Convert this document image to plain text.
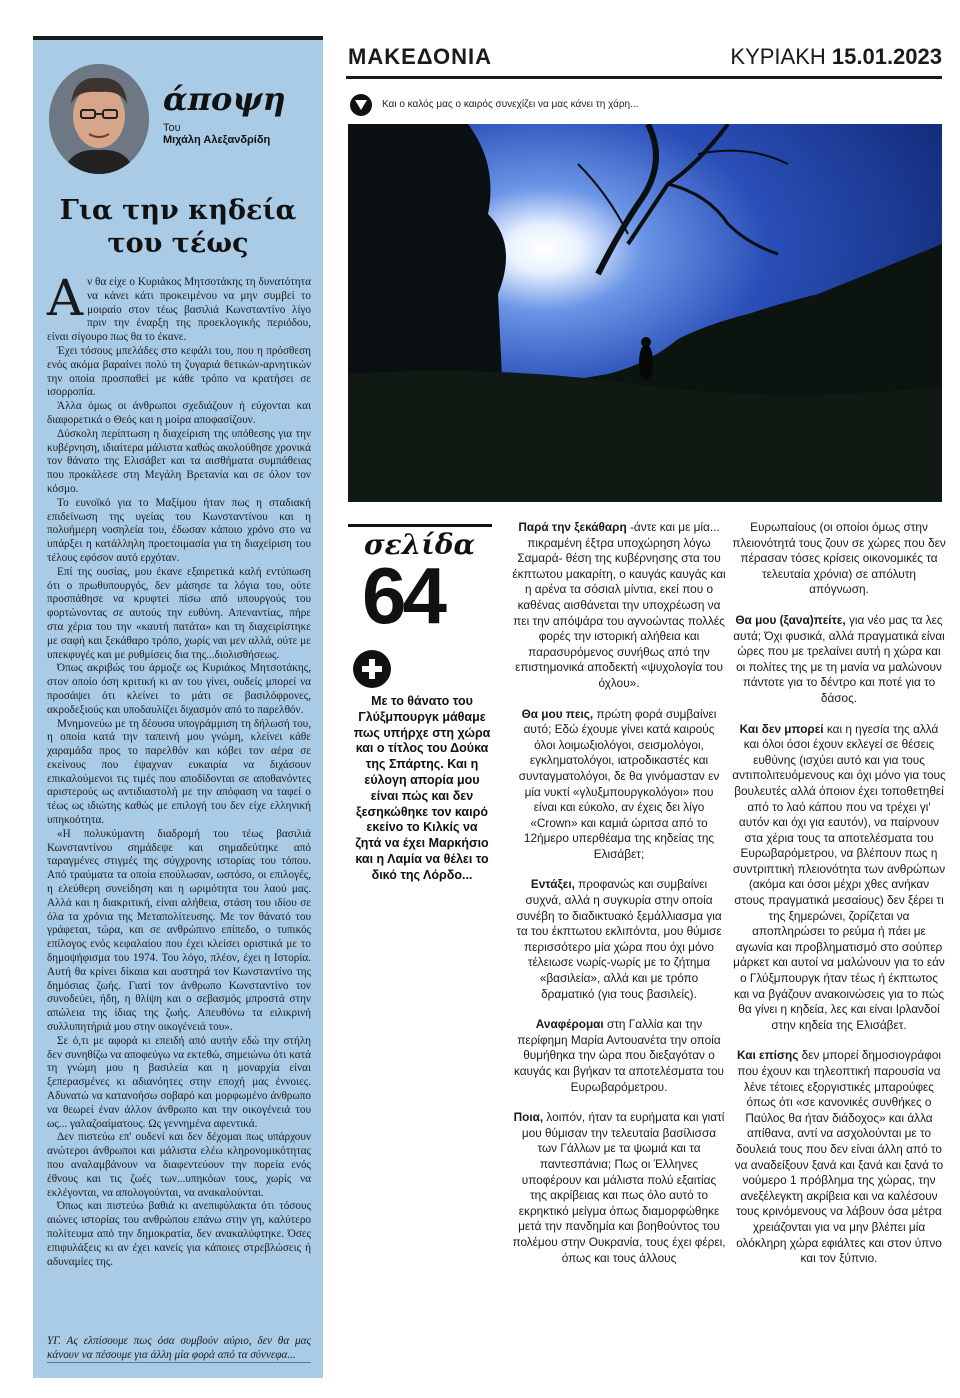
άποψη
Του
Μιχάλη Αλεξανδρίδη
Για την κηδεία
του τέως

Αν θα είχε ο Κυριάκος Μητσοτάκης τη δυνατότητα να κάνει κάτι προκειμένου να μην συμβεί το μοιραίο στον τέως βασιλιά Κωνσταντίνο λίγο πριν την έναρξη της προεκλογικής περιόδου, είναι σίγουρο πως θα το έκανε.

Έχει τόσους μπελάδες στο κεφάλι του, που η πρόσθεση ενός ακόμα βαραίνει πολύ τη ζυγαριά θετικών-αρνητικών την οποία προσπαθεί με κάθε τρόπο να κρατήσει σε ισορροπία.

Άλλα όμως οι άνθρωποι σχεδιάζουν ή εύχονται και διαφορετικά ο Θεός και η μοίρα αποφασίζουν.

Δύσκολη περίπτωση η διαχείριση της υπόθεσης για την κυβέρνηση, ιδιαίτερα μάλιστα καθώς ακολούθησε χρονικά τον θάνατο της Ελισάβετ και τα αισθήματα συμπάθειας που προκάλεσε στη Μεγάλη Βρετανία και σε όλον τον κόσμο.

Το ευνοϊκό για το Μαξίμου ήταν πως η σταδιακή επιδείνωση της υγείας του Κωνσταντίνου και η πολυήμερη νοσηλεία του, έδωσαν κάποιο χρόνο στο να υπάρξει η κατάλληλη προετοιμασία για τη διαχείριση του τέλους εφόσον αυτό ερχόταν.

Επί της ουσίας, μου έκανε εξαιρετικά καλή εντύπωση ότι ο πρωθυπουργός, δεν μάσησε τα λόγια του, ούτε προσπάθησε να κρυφτεί πίσω από υπουργούς του φορτώνοντας σε αυτούς την ευθύνη. Απεναντίας, πήρε στα χέρια του την «καυτή πατάτα» και τη διαχειρίστηκε με σαφή και ξεκάθαρο τρόπο, χωρίς ναι μεν αλλά, ούτε με υπεκφυγές και με ρυθμίσεις δια της...διολισθήσεως.

Όπως ακριβώς του άρμοζε ως Κυριάκος Μητσοτάκης, στον οποίο όση κριτική κι αν του γίνει, ουδείς μπορεί να προσάψει ότι κλείνει το μάτι σε βασιλόφρονες, ακροδεξιούς και υποδαυλίζει διχασμόν από το παρελθόν.

Μνημονεύω με τη δέουσα υπογράμμιση τη δήλωσή του, η οποία κατά την ταπεινή μου γνώμη, κλείνει κάθε χαραμάδα προς το παρελθόν και κόβει τον αέρα σε εκείνους που έψαχναν ευκαιρία να διχάσουν επικαλούμενοι τις τιμές που αποδίδονται σε αποθανόντες αριστερούς ως αντιδιαστολή με την απόφαση να ταφεί ο τέως ως ιδιώτης καθώς με επιλογή του δεν είχε ελληνική υπηκοότητα.

«Η πολυκύμαντη διαδρομή του τέως βασιλιά Κωνσταντίνου σημάδεψε και σημαδεύτηκε από ταραγμένες στιγμές της σύγχρονης ιστορίας του τόπου. Από τραύματα τα οποία επούλωσαν, ωστόσο, οι επιλογές, η ελεύθερη συνείδηση και η ωριμότητα του λαού μας. Αλλά και η διακριτική, είναι αλήθεια, στάση του ιδίου σε όλα τα χρόνια της Μεταπολίτευσης. Με τον θάνατό του γράφεται, τώρα, και σε ανθρώπινο επίπεδο, ο τυπικός επίλογος ενός κεφαλαίου που έχει κλείσει οριστικά με το δημοψήφισμα του 1974. Του λόγο, πλέον, έχει η Ιστορία. Αυτή θα κρίνει δίκαια και αυστηρά τον Κωνσταντίνο της δημόσιας ζωής. Γιατί τον άνθρωπο Κωνσταντίνο τον συνοδεύει, ήδη, η θλίψη και ο σεβασμός μπροστά στην απώλεια της ίδιας της ζωής. Απευθύνω τα ειλικρινή συλλυπητήριά μου στην οικογένειά του».

Σε ό,τι με αφορά κι επειδή από αυτήν εδώ την στήλη δεν συνηθίζω να αποφεύγω να εκτεθώ, σημειώνω ότι κατά τη γνώμη μου η βασιλεία και η μοναρχία είναι ξεπερασμένες κι αδιανόητες στην εποχή μας έννοιες. Αδυνατώ να κατανοήσω σοβαρό και μορφωμένο άνθρωπο να θεωρεί έναν άλλον άνθρωπο και την οικογένειά του ως... γαλαζοαίματους. Ως γεννημένα αφεντικά.

Δεν πιστεύω επ' ουδενί και δεν δέχομαι πως υπάρχουν ανώτεροι άνθρωποι και μάλιστα ελέω κληρονομικότητας που αναλαμβάνουν να διαφεντεύουν την πορεία ενός έθνους και τις ζωές των...υπηκόων τους, χωρίς να εκλέγονται, να απολογούνται, να ανακαλούνται.

Όπως και πιστεύω βαθιά κι ανεπιφύλακτα ότι τόσους αιώνες ιστορίας του ανθρώπου επάνω στην γη, καλύτερο πολίτευμα από την δημοκρατία, δεν ανακαλύφτηκε. Όσες επιφυλάξεις κι αν έχει κανείς για κάποιες στρεβλώσεις ή αδυναμίες της.

ΥΓ. Ας ελπίσουμε πως όσα συμβούν αύριο, δεν θα μας κάνουν να πέσουμε για άλλη μία φορά από τα σύννεφα...
ΜΑΚΕΔΟΝΙΑ	ΚΥΡΙΑΚΗ 15.01.2023
Και ο καλός μας ο καιρός συνεχίζει να μας κάνει τη χάρη...
σελίδα
64
Με το θάνατο του Γλύξμπουργκ μάθαμε πως υπήρχε στη χώρα και ο τίτλος του Δούκα της Σπάρτης. Και η εύλογη απορία μου είναι πώς και δεν ξεσηκώθηκε τον καιρό εκείνο το Κιλκίς να ζητά να έχει Μαρκήσιο και η Λαμία να θέλει το δικό της Λόρδο...

Παρά την ξεκάθαρη -άντε και με μία... πικραμένη έξτρα υποχώρηση λόγω Σαμαρά- θέση της κυβέρνησης στα του έκπτωτου μακαρίτη, ο καυγάς καυγάς και η αρένα τα σόσιαλ μίντια, εκεί που ο καθένας αισθάνεται την υποχρέωση να πει την απόψάρα του αγνοώντας πολλές φορές την ιστορική αλήθεια και παρασυρόμενος συνήθως από την επιστημονικά αποδεκτή «ψυχολογία του όχλου».

Θα μου πεις, πρώτη φορά συμβαίνει αυτό; Εδώ έχουμε γίνει κατά καιρούς όλοι λοιμωξιολόγοι, σεισμολόγοι, εγκληματολόγοι, ιατροδικαστές και συνταγματολόγοι, δε θα γινόμασταν εν μία νυκτί «γλυξμπουργκολόγοι» που είναι και εύκολο, αν έχεις δει λίγο «Crown» και καμιά ώριτσα από το 12ήμερο υπερθέαμα της κηδείας της Ελισάβετ;

Εντάξει, προφανώς και συμβαίνει συχνά, αλλά η συγκυρία στην οποία συνέβη το διαδικτυακό ξεμάλλιασμα για τα του έκπτωτου εκλιπόντα, μου θύμισε περισσότερο μία χώρα που όχι μόνο τέλειωσε νωρίς-νωρίς με το ζήτημα «βασιλεία», αλλά και με τρόπο δραματικό (για τους βασιλείς).

Αναφέρομαι στη Γαλλία και την περίφημη Μαρία Αντουανέτα την οποία θυμήθηκα την ώρα που διεξαγόταν ο καυγάς και βγήκαν τα αποτελέσματα του Ευρωβαρόμετρου.

Ποια, λοιπόν, ήταν τα ευρήματα και γιατί μου θύμισαν την τελευταία βασίλισσα των Γάλλων με τα ψωμιά και τα παντεσπάνια; Πως οι Έλληνες υποφέρουν και μάλιστα πολύ εξαιτίας της ακρίβειας και πως όλο αυτό το εκρηκτικό μείγμα όπως διαμορφώθηκε μετά την πανδημία και βοηθούντος του πολέμου στην Ουκρανία, τους έχει φέρει, όπως και τους άλλους

Ευρωπαίους (οι οποίοι όμως στην πλειονότητά τους ζουν σε χώρες που δεν πέρασαν τόσες κρίσεις οικονομικές τα τελευταία χρόνια) σε απόλυτη απόγνωση.

Θα μου (ξανα)πείτε, για νέο μας τα λες αυτά; Όχι φυσικά, αλλά πραγματικά είναι ώρες που με τρελαίνει αυτή η χώρα και οι πολίτες της με τη μανία να μαλώνουν πάντοτε για το δέντρο και ποτέ για το δάσος.

Και δεν μπορεί και η ηγεσία της αλλά και όλοι όσοι έχουν εκλεγεί σε θέσεις ευθύνης (ισχύει αυτό και για τους αντιπολιτευόμενους και όχι μόνο για τους βουλευτές αλλά όποιον έχει τοποθετηθεί από το λαό κάπου που να τρέχει γι' αυτόν και όχι για εαυτόν), να παίρνουν στα χέρια τους τα αποτελέσματα του Ευρωβαρόμετρου, να βλέπουν πως η συντριπτική πλειονότητα των ανθρώπων (ακόμα και όσοι μέχρι χθες ανήκαν στους πραγματικά μεσαίους) δεν ξέρει τι της ξημερώνει, ζορίζεται να αποπληρώσει το ρεύμα ή πάει με αγωνία και προβληματισμό στο σούπερ μάρκετ και αυτοί να μαλώνουν για το εάν ο Γλύξμπουργκ ήταν τέως ή έκπτωτος και να βγάζουν ανακοινώσεις για το πώς θα γίνει η κηδεία, λες και είναι Ιρλανδοί στην κηδεία της Ελισάβετ.

Και επίσης δεν μπορεί δημοσιογράφοι που έχουν και τηλεοπτική παρουσία να λένε τέτοιες εξοργιστικές μπαρούφες όπως ότι «σε κανονικές συνθήκες ο Παύλος θα ήταν διάδοχος» και άλλα απίθανα, αντί να ασχολούνται με το δουλειά τους που δεν είναι άλλη από το να αναδείξουν ξανά και ξανά και ξανά το νούμερο 1 πρόβλημα της χώρας, την ανεξέλεγκτη ακρίβεια και να καλέσουν τους κρινόμενους να λάβουν όσα μέτρα χρειάζονται για να μην βλέπει μία ολόκληρη χώρα εφιάλτες και στον ύπνο και τον ξύπνιο.
